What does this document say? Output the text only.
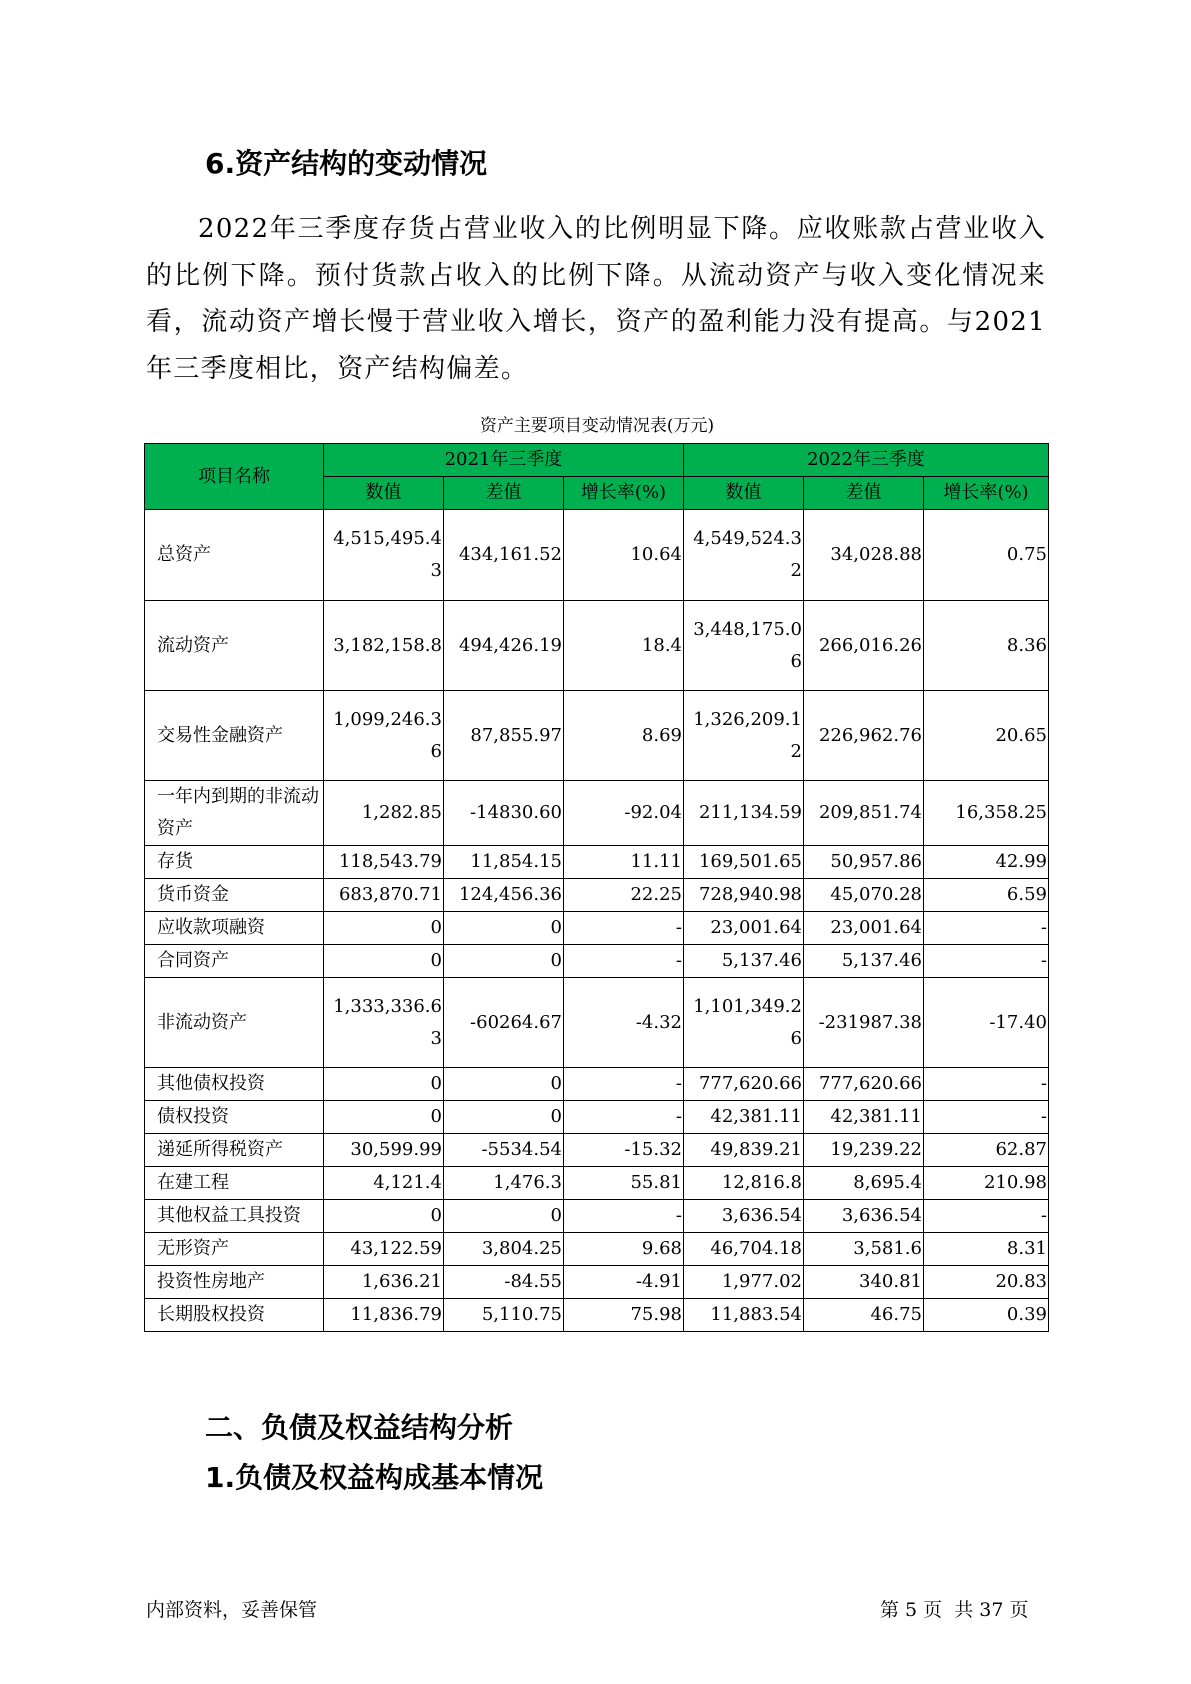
6.资产结构的变动情况

2022年三季度存货占营业收入的比例明显下降。应收账款占营业收入的比例下降。预付货款占收入的比例下降。从流动资产与收入变化情况来看，流动资产增长慢于营业收入增长，资产的盈利能力没有提高。与2021年三季度相比，资产结构偏差。

资产主要项目变动情况表(万元)

项目名称	2021年三季度			2022年三季度		
	数值	差值	增长率(%)	数值	差值	增长率(%)
总资产	4,515,495.43	434,161.52	10.64	4,549,524.32	34,028.88	0.75
流动资产	3,182,158.8	494,426.19	18.4	3,448,175.06	266,016.26	8.36
交易性金融资产	1,099,246.36	87,855.97	8.69	1,326,209.12	226,962.76	20.65
一年内到期的非流动资产	1,282.85	-14830.60	-92.04	211,134.59	209,851.74	16,358.25
存货	118,543.79	11,854.15	11.11	169,501.65	50,957.86	42.99
货币资金	683,870.71	124,456.36	22.25	728,940.98	45,070.28	6.59
应收款项融资	0	0	-	23,001.64	23,001.64	-
合同资产	0	0	-	5,137.46	5,137.46	-
非流动资产	1,333,336.63	-60264.67	-4.32	1,101,349.26	-231987.38	-17.40
其他债权投资	0	0	-	777,620.66	777,620.66	-
债权投资	0	0	-	42,381.11	42,381.11	-
递延所得税资产	30,599.99	-5534.54	-15.32	49,839.21	19,239.22	62.87
在建工程	4,121.4	1,476.3	55.81	12,816.8	8,695.4	210.98
其他权益工具投资	0	0	-	3,636.54	3,636.54	-
无形资产	43,122.59	3,804.25	9.68	46,704.18	3,581.6	8.31
投资性房地产	1,636.21	-84.55	-4.91	1,977.02	340.81	20.83
长期股权投资	11,836.79	5,110.75	75.98	11,883.54	46.75	0.39
二、负债及权益结构分析
1.负债及权益构成基本情况

内部资料，妥善保管	第 5 页  共 37 页
